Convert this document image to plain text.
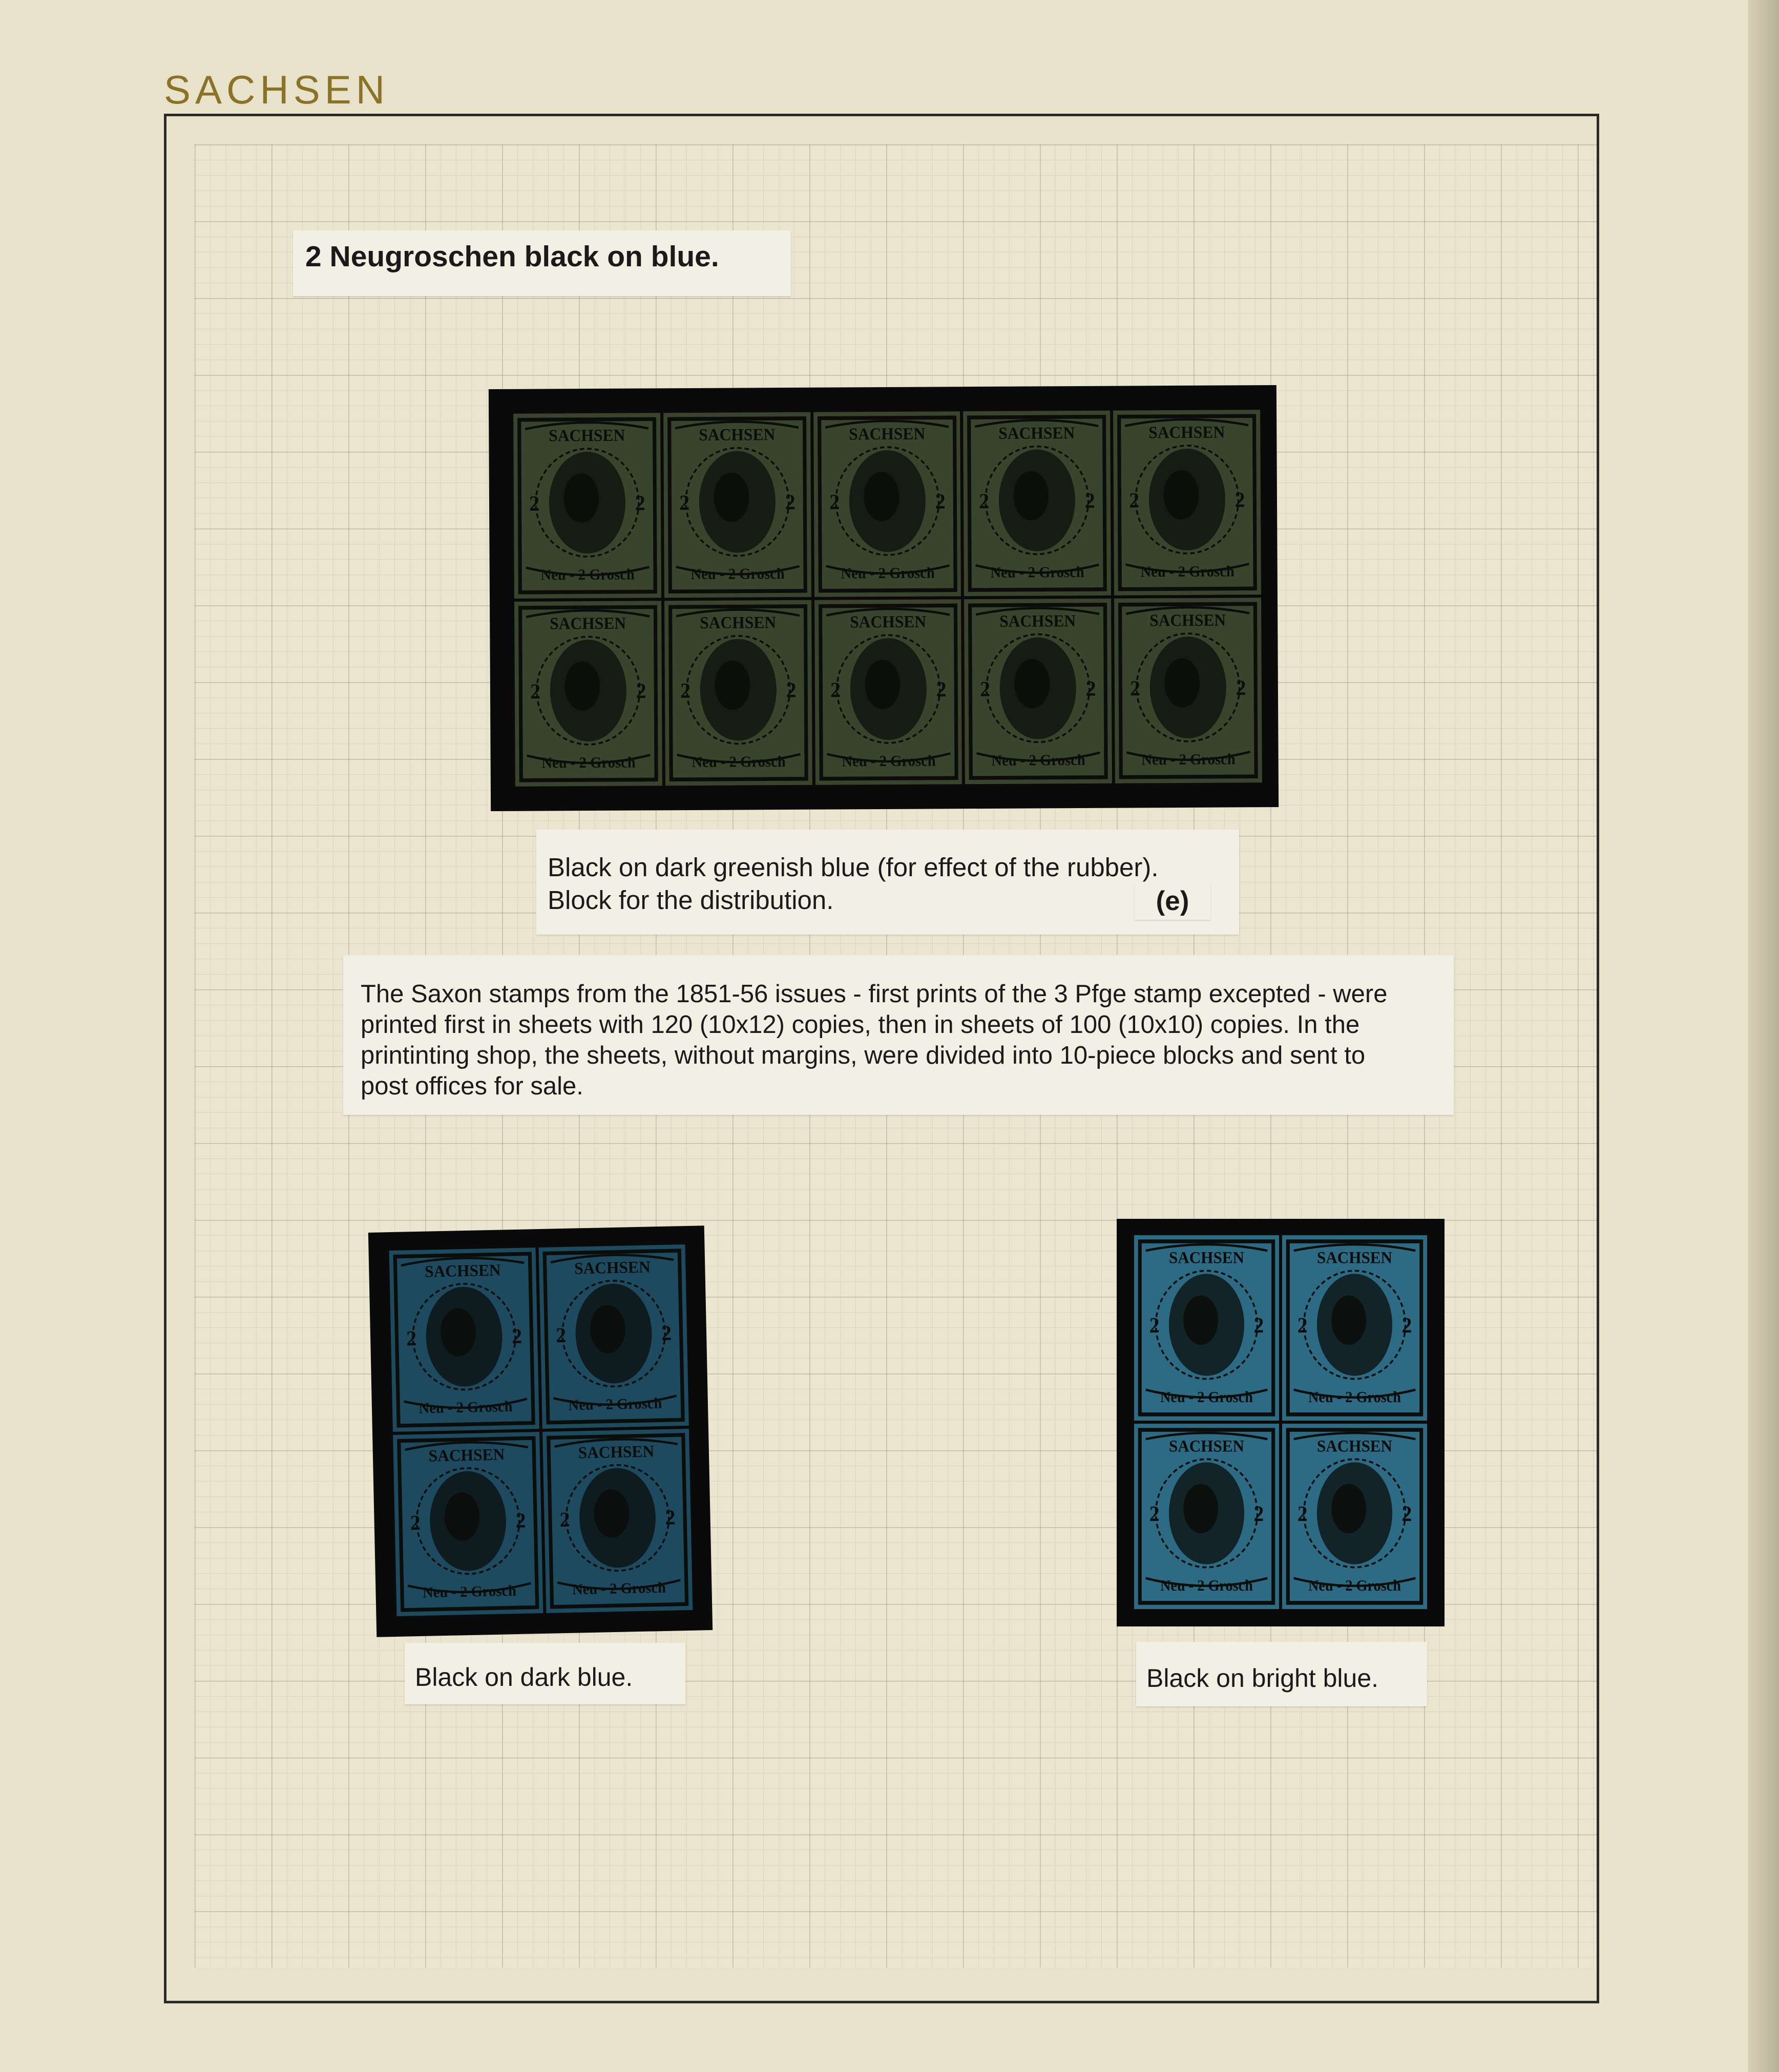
SACHSEN
2 Neugroschen black on blue.
SACHSEN
2	2
Neu - 2 Grosch
SACHSEN
2	2
Neu - 2 Grosch
SACHSEN
2	2
Neu - 2 Grosch
SACHSEN
2	2
Neu - 2 Grosch
SACHSEN
2	2
Neu - 2 Grosch
SACHSEN
2	2
Neu - 2 Grosch
SACHSEN
2	2
Neu - 2 Grosch
SACHSEN
2	2
Neu - 2 Grosch
SACHSEN
2	2
Neu - 2 Grosch
SACHSEN
2	2
Neu - 2 Grosch
Black on dark greenish blue (for effect of the rubber).
Block for the distribution.	(e)
The Saxon stamps from the 1851-56 issues - first prints of the 3 Pfge stamp excepted - were
printed first in sheets with 120 (10x12) copies, then in sheets of 100 (10x10) copies. In the
printinting shop, the sheets, without margins, were divided into 10-piece blocks and sent to
post offices for sale.
SACHSEN
2	2
Neu - 2 Grosch
SACHSEN
2	2
Neu - 2 Grosch
SACHSEN
2	2
Neu - 2 Grosch
SACHSEN
2	2
Neu - 2 Grosch
SACHSEN
2	2
Neu - 2 Grosch
SACHSEN
2	2
Neu - 2 Grosch
SACHSEN
2	2
Neu - 2 Grosch
SACHSEN
2	2
Neu - 2 Grosch
Black on dark blue.	Black on bright blue.
